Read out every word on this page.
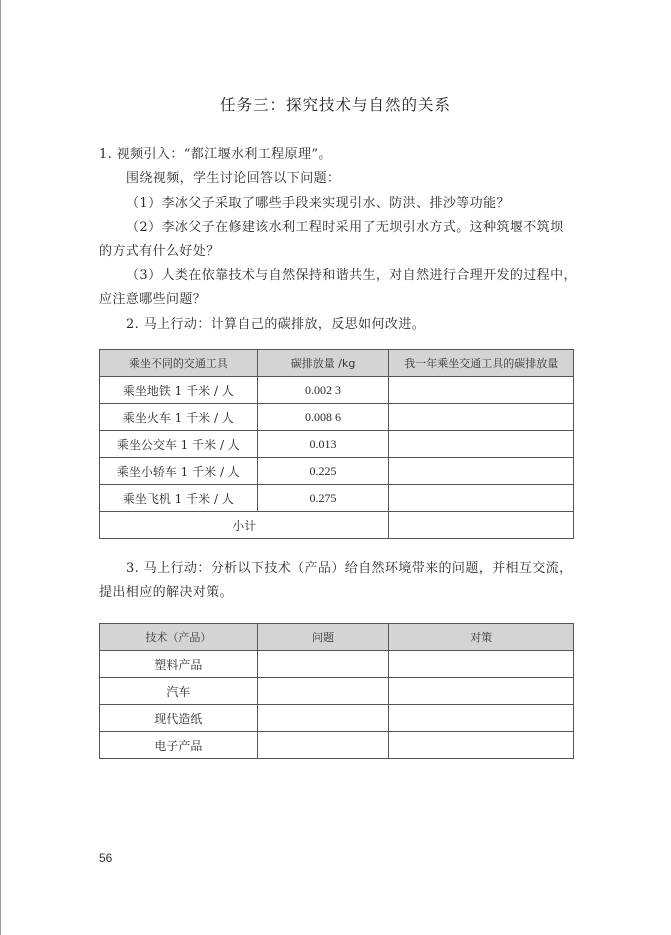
任务三：探究技术与自然的关系
1. 视频引入：“都江堰水利工程原理”。
围绕视频，学生讨论回答以下问题：
（1）李冰父子采取了哪些手段来实现引水、防洪、排沙等功能？
（2）李冰父子在修建该水利工程时采用了无坝引水方式。这种筑堰不筑坝
的方式有什么好处？
（3）人类在依靠技术与自然保持和谐共生，对自然进行合理开发的过程中，
应注意哪些问题？
2. 马上行动：计算自己的碳排放，反思如何改进。
乘坐不同的交通工具	碳排放量 /kg	我一年乘坐交通工具的碳排放量
乘坐地铁 1 千米 / 人	0.002 3	
乘坐火车 1 千米 / 人	0.008 6	
乘坐公交车 1 千米 / 人	0.013	
乘坐小轿车 1 千米 / 人	0.225	
乘坐飞机 1 千米 / 人	0.275	
小计		
3. 马上行动：分析以下技术（产品）给自然环境带来的问题，并相互交流，
提出相应的解决对策。
技术（产品）	问题	对策
塑料产品		
汽车		
现代造纸		
电子产品		
56
